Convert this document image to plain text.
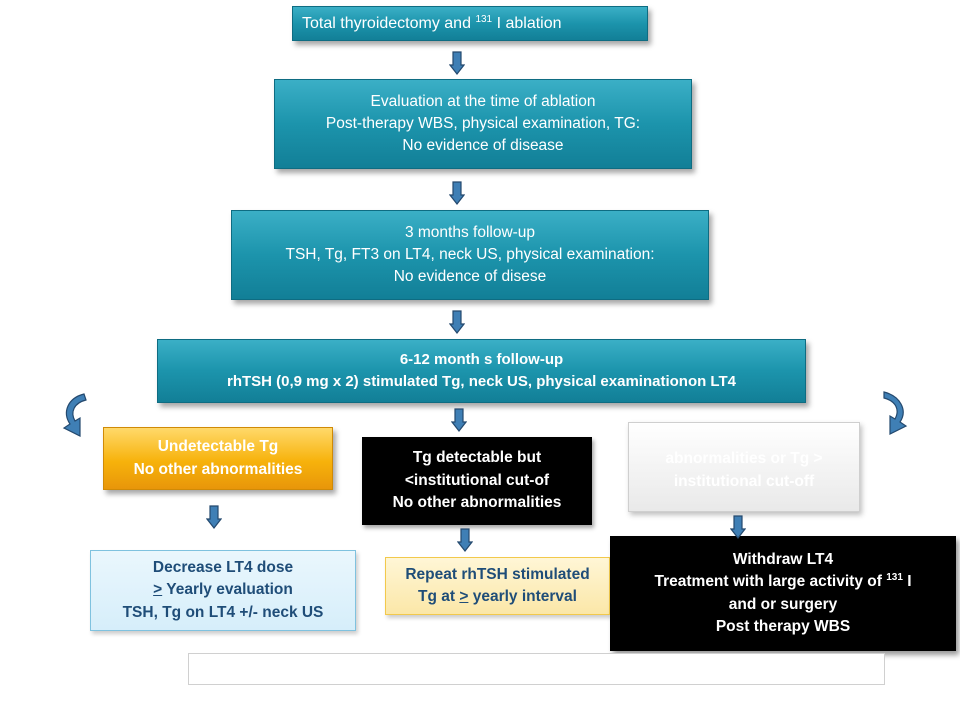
Total thyroidectomy and $^{131}$ I ablation
Evaluation at the time of ablation
Post-therapy WBS, physical examination, TG:
No evidence of disease
3 months follow-up
TSH, Tg, FT3 on LT4, neck US, physical examination:
No evidence of disese
6-12 month s follow-up
rhTSH (0,9 mg x 2) stimulated Tg, neck US, physical examinationon LT4
Undetectable Tg
No other abnormalities
Tg detectable but
<institutional cut-of
No other abnormalities
abnormalities or Tg >
institutional cut-off
Decrease LT4 dose
> Yearly evaluation
TSH, Tg on LT4 +/- neck US
Repeat rhTSH stimulated
Tg at > yearly interval
Withdraw LT4
Treatment with large activity of $^{131}$ I
and or surgery
Post therapy WBS
